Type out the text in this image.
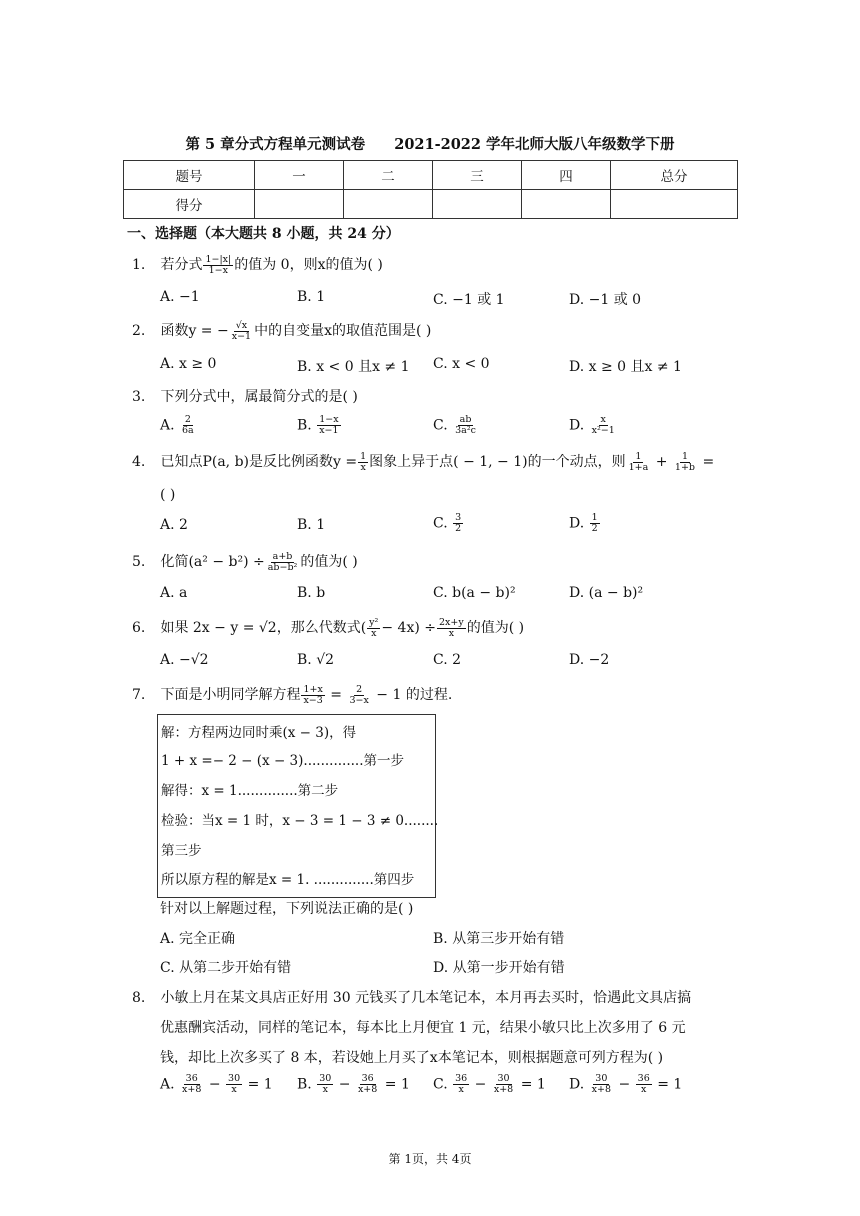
第 5 章分式方程单元测试卷 2021-2022 学年北师大版八年级数学下册
题号	一	二	三	四	总分
得分					
一、选择题（本大题共 8 小题，共 24 分）
1. 若分式 $\frac{1-|x|}{1-x}$ 的值为 0，则x的值为( )
A. −1	B. 1	C. −1 或 1	D. −1 或 0
2. 函数y = − $\frac{√x}{x-1}$ 中的自变量x的取值范围是( )
A. x ≥ 0	B. x < 0 且x ≠ 1 C. x < 0	D. x ≥ 0 且x ≠ 1
3. 下列分式中，属最简分式的是( )
A. $\frac{2}{6a}$	B. $\frac{1-x}{x-1}$	C. $\frac{ab}{\text{3a²c}}$	D. $\frac{x}{\text{x²−1}}$
4. 已知点P(a, b)是反比例函数$y = \frac{1}{x}$ 图象上异于点( − 1, − 1)的一个动点，则 $\frac{1}{1+a} + \frac{1}{1+b}$ =
( )
A. 2	B. 1	C. $\frac{3}{2}$	D. $\frac{1}{2}$
5. 化简$(a^2 - b^2) \div \frac{a+b}{\text{ab−b²}}$ 的值为( )
A. a	B. b	C. b(a − b)²	D. (a − b)²
6. 如果 2x − y = √2，那么代数式( $\frac{\text{y²}}{x} - 4x) \div \frac{2x+y}{x}$ 的值为( )
A. −√2	B. √2	C. 2	D. −2
7. 下面是小明同学解方程 $\frac{1+x}{x-3} = \frac{2}{3-x} - 1$ 的过程.
解：方程两边同时乘(x − 3)，得
1 + x =− 2 − (x − 3)..............第一步
解得：x = 1..............第二步
检验：当x = 1 时，x − 3 = 1 − 3 ≠ 0........
第三步
所以原方程的解是x = 1. ..............第四步
针对以上解题过程，下列说法正确的是( )
A. 完全正确	B. 从第三步开始有错
C. 从第二步开始有错	D. 从第一步开始有错
8. 小敏上月在某文具店正好用 30 元钱买了几本笔记本，本月再去买时，恰遇此文具店搞
优惠酬宾活动，同样的笔记本，每本比上月便宜 1 元，结果小敏只比上次多用了 6 元
钱，却比上次多买了 8 本，若设她上月买了x本笔记本，则根据题意可列方程为( )
A. $\frac{36}{x+8} - \frac{30}{x} = 1$ B. $\frac{30}{x} - \frac{36}{x+8} = 1$ C. $\frac{36}{x} - \frac{30}{x+8} = 1$ D. $\frac{30}{x+8} - \frac{36}{x} = 1$
第 1页，共 4页
